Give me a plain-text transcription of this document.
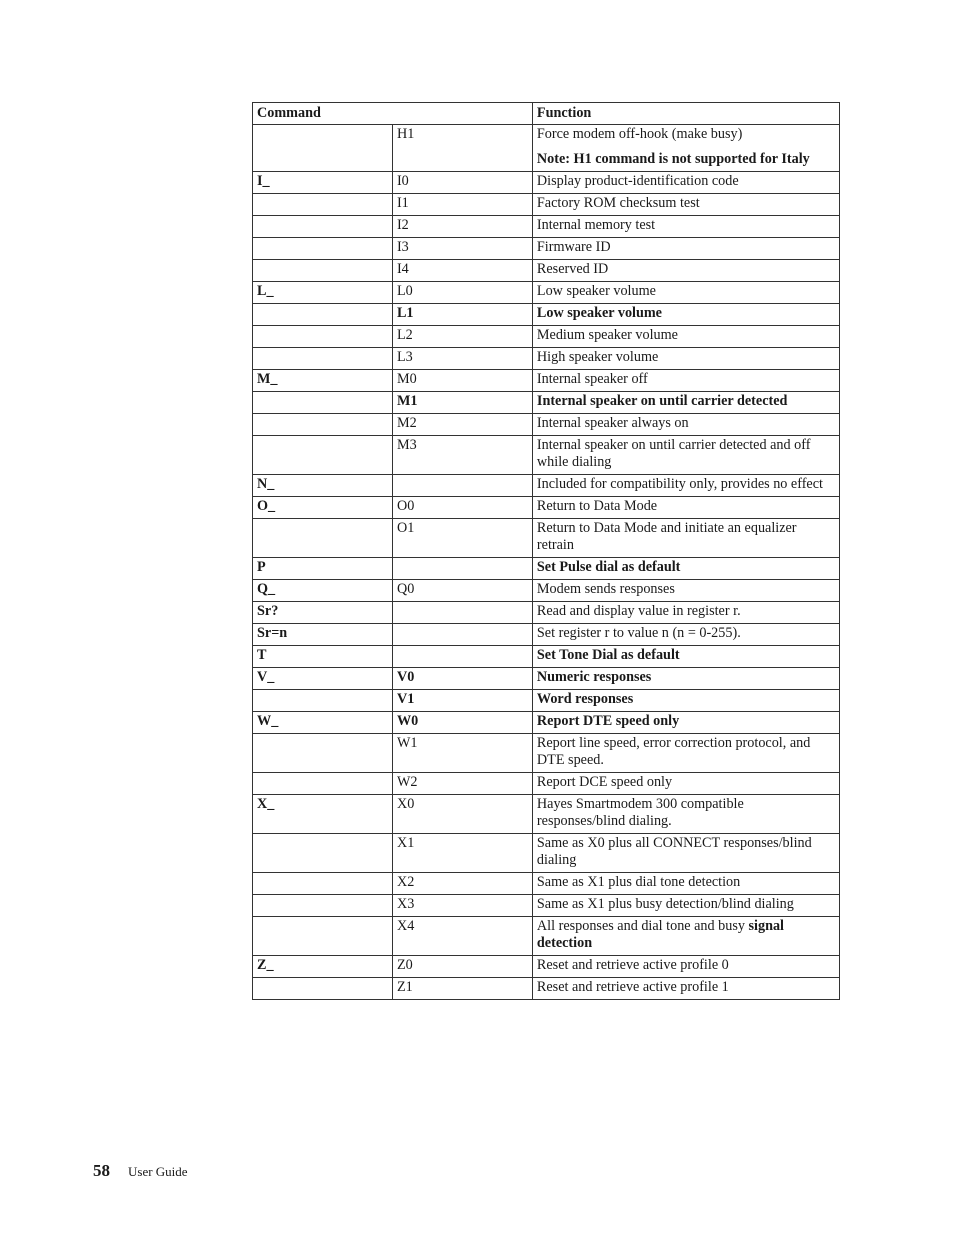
Command		Function
	H1	Force modem off-hook (make busy)
Note: H1 command is not supported for Italy

I_	I0	Display product-identification code
	I1	Factory ROM checksum test
	I2	Internal memory test
	I3	Firmware ID
	I4	Reserved ID
L_	L0	Low speaker volume
	L1	Low speaker volume
	L2	Medium speaker volume
	L3	High speaker volume
M_	M0	Internal speaker off
	M1	Internal speaker on until carrier detected
	M2	Internal speaker always on
	M3	Internal speaker on until carrier detected and off while dialing
N_		Included for compatibility only, provides no effect
O_	O0	Return to Data Mode
	O1	Return to Data Mode and initiate an equalizer retrain
P		Set Pulse dial as default
Q_	Q0	Modem sends responses
Sr?		Read and display value in register r.
Sr=n		Set register r to value n (n = 0-255).
T		Set Tone Dial as default
V_	V0	Numeric responses
	V1	Word responses
W_	W0	Report DTE speed only
	W1	Report line speed, error correction protocol, and DTE speed.
	W2	Report DCE speed only
X_	X0	Hayes Smartmodem 300 compatible responses/blind dialing.
	X1	Same as X0 plus all CONNECT responses/blind dialing
	X2	Same as X1 plus dial tone detection
	X3	Same as X1 plus busy detection/blind dialing
	X4	All responses and dial tone and busy signal detection
Z_	Z0	Reset and retrieve active profile 0
	Z1	Reset and retrieve active profile 1
58 User Guide
